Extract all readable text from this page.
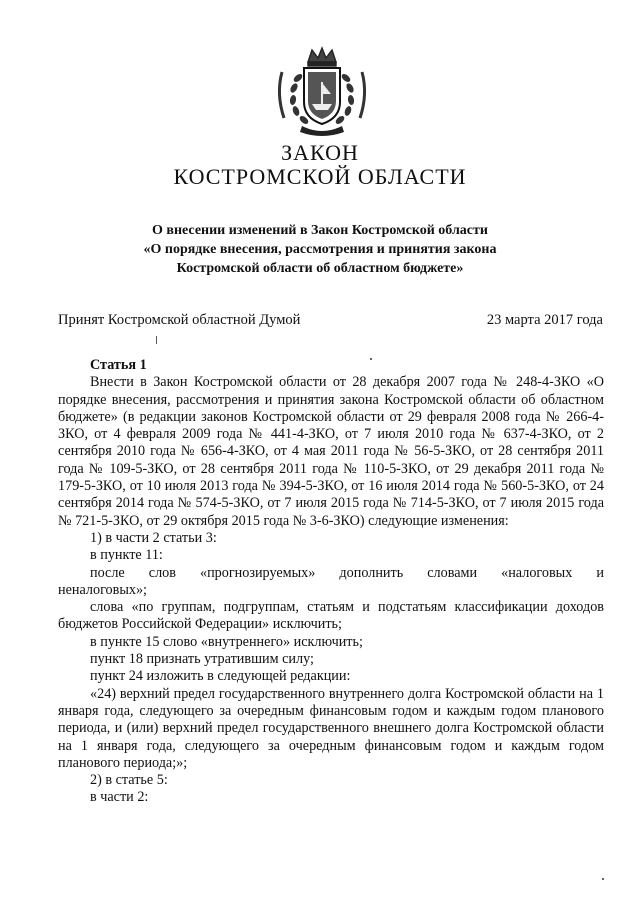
ЗАКОН
КОСТРОМСКОЙ ОБЛАСТИ
О внесении изменений в Закон Костромской области
«О порядке внесения, рассмотрения и принятия закона
Костромской области об областном бюджете»
Принят Костромской областной Думой	23 марта 2017 года

Статья 1

Внести в Закон Костромской области от 28 декабря 2007 года № 248-4-ЗКО «О порядке внесения, рассмотрения и принятия закона Костромской области об областном бюджете» (в редакции законов Костромской области от 29 февраля 2008 года № 266-4-ЗКО, от 4 февраля 2009 года № 441-4-ЗКО, от 7 июля 2010 года № 637-4-ЗКО, от 2 сентября 2010 года № 656-4-ЗКО, от 4 мая 2011 года № 56-5-ЗКО, от 28 сентября 2011 года № 109-5-ЗКО, от 28 сентября 2011 года № 110-5-ЗКО, от 29 декабря 2011 года № 179-5-ЗКО, от 10 июля 2013 года № 394-5-ЗКО, от 16 июля 2014 года № 560-5-ЗКО, от 24 сентября 2014 года № 574-5-ЗКО, от 7 июля 2015 года № 714-5-ЗКО, от 7 июля 2015 года № 721-5-ЗКО, от 29 октября 2015 года № 3-6-ЗКО) следующие изменения:

1) в части 2 статьи 3:

в пункте 11:

после слов «прогнозируемых» дополнить словами «налоговых и

неналоговых»;

слова «по группам, подгруппам, статьям и подстатьям классификации доходов бюджетов Российской Федерации» исключить;

в пункте 15 слово «внутреннего» исключить;

пункт 18 признать утратившим силу;

пункт 24 изложить в следующей редакции:

«24) верхний предел государственного внутреннего долга Костромской области на 1 января года, следующего за очередным финансовым годом и каждым годом планового периода, и (или) верхний предел государственного внешнего долга Костромской области на 1 января года, следующего за очередным финансовым годом и каждым годом планового периода;»;

2) в статье 5:

в части 2:
